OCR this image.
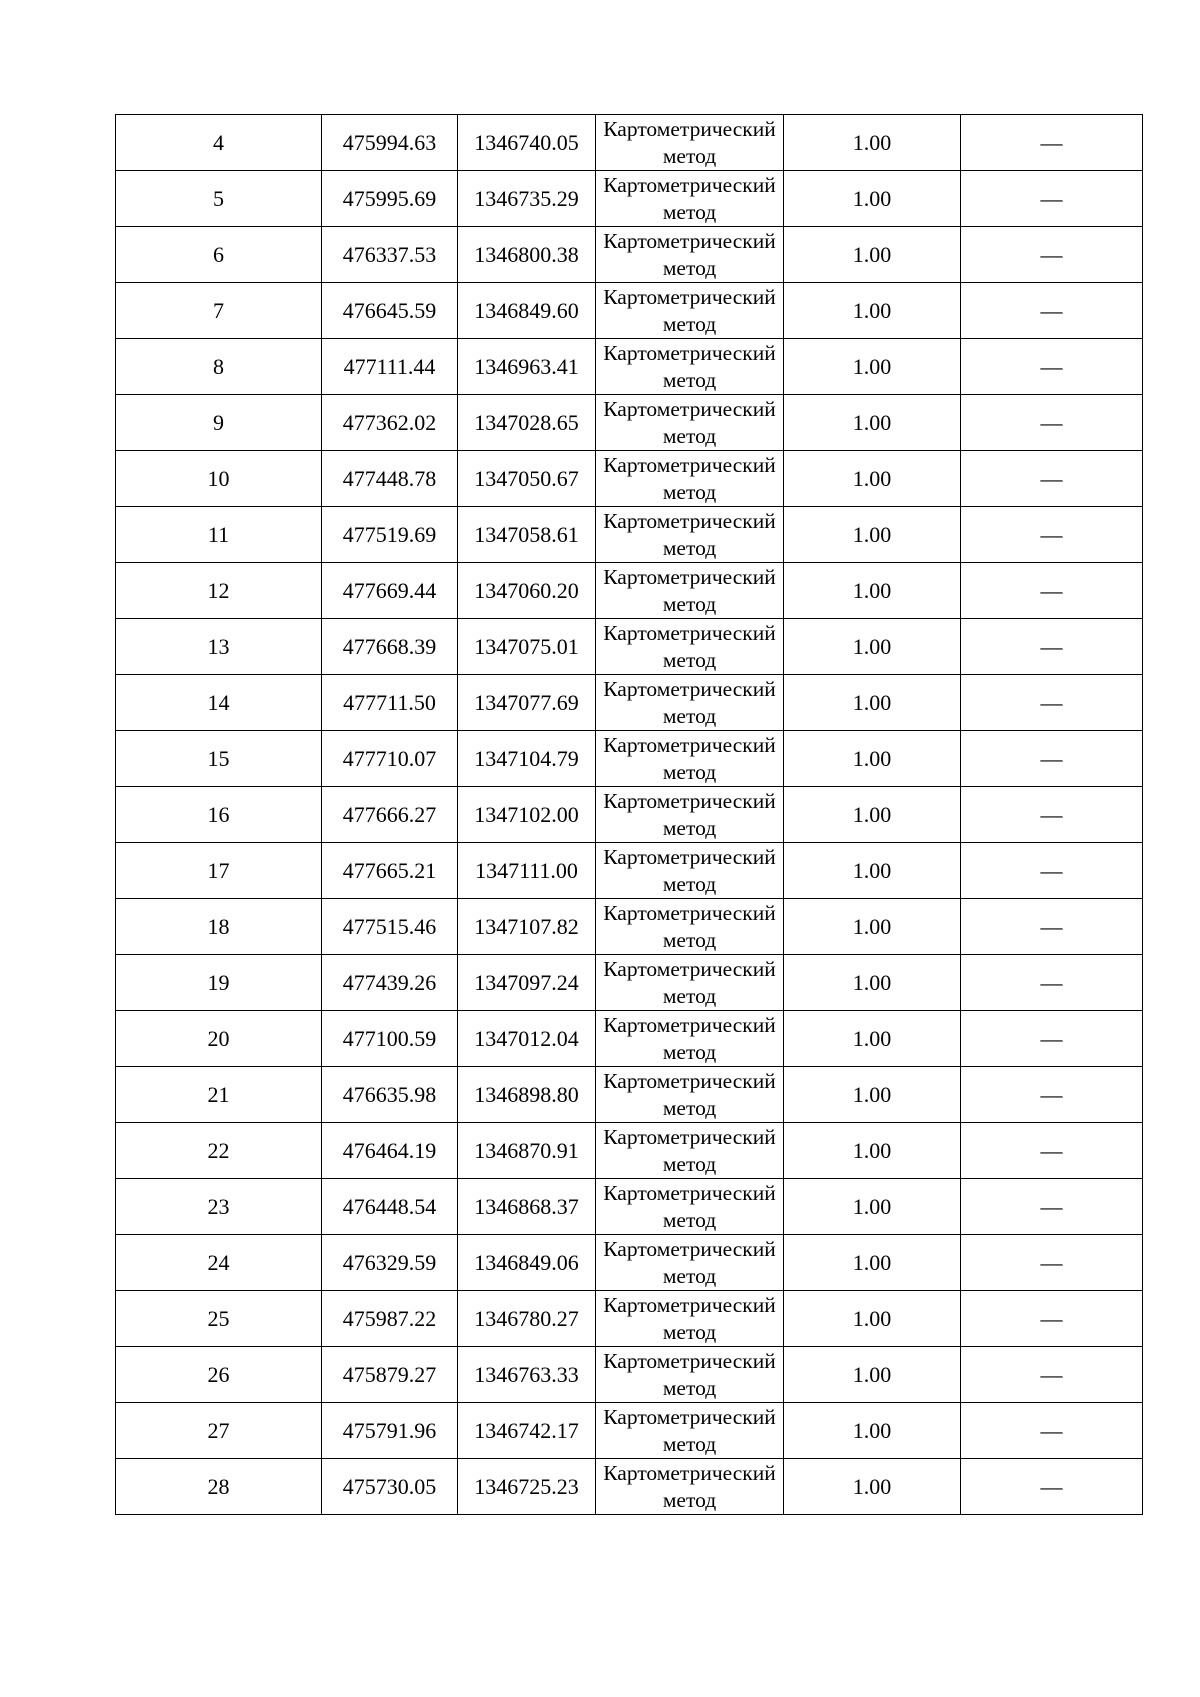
4	475994.63	1346740.05	Картометрический метод	1.00	—
5	475995.69	1346735.29	Картометрический метод	1.00	—
6	476337.53	1346800.38	Картометрический метод	1.00	—
7	476645.59	1346849.60	Картометрический метод	1.00	—
8	477111.44	1346963.41	Картометрический метод	1.00	—
9	477362.02	1347028.65	Картометрический метод	1.00	—
10	477448.78	1347050.67	Картометрический метод	1.00	—
11	477519.69	1347058.61	Картометрический метод	1.00	—
12	477669.44	1347060.20	Картометрический метод	1.00	—
13	477668.39	1347075.01	Картометрический метод	1.00	—
14	477711.50	1347077.69	Картометрический метод	1.00	—
15	477710.07	1347104.79	Картометрический метод	1.00	—
16	477666.27	1347102.00	Картометрический метод	1.00	—
17	477665.21	1347111.00	Картометрический метод	1.00	—
18	477515.46	1347107.82	Картометрический метод	1.00	—
19	477439.26	1347097.24	Картометрический метод	1.00	—
20	477100.59	1347012.04	Картометрический метод	1.00	—
21	476635.98	1346898.80	Картометрический метод	1.00	—
22	476464.19	1346870.91	Картометрический метод	1.00	—
23	476448.54	1346868.37	Картометрический метод	1.00	—
24	476329.59	1346849.06	Картометрический метод	1.00	—
25	475987.22	1346780.27	Картометрический метод	1.00	—
26	475879.27	1346763.33	Картометрический метод	1.00	—
27	475791.96	1346742.17	Картометрический метод	1.00	—
28	475730.05	1346725.23	Картометрический метод	1.00	—
